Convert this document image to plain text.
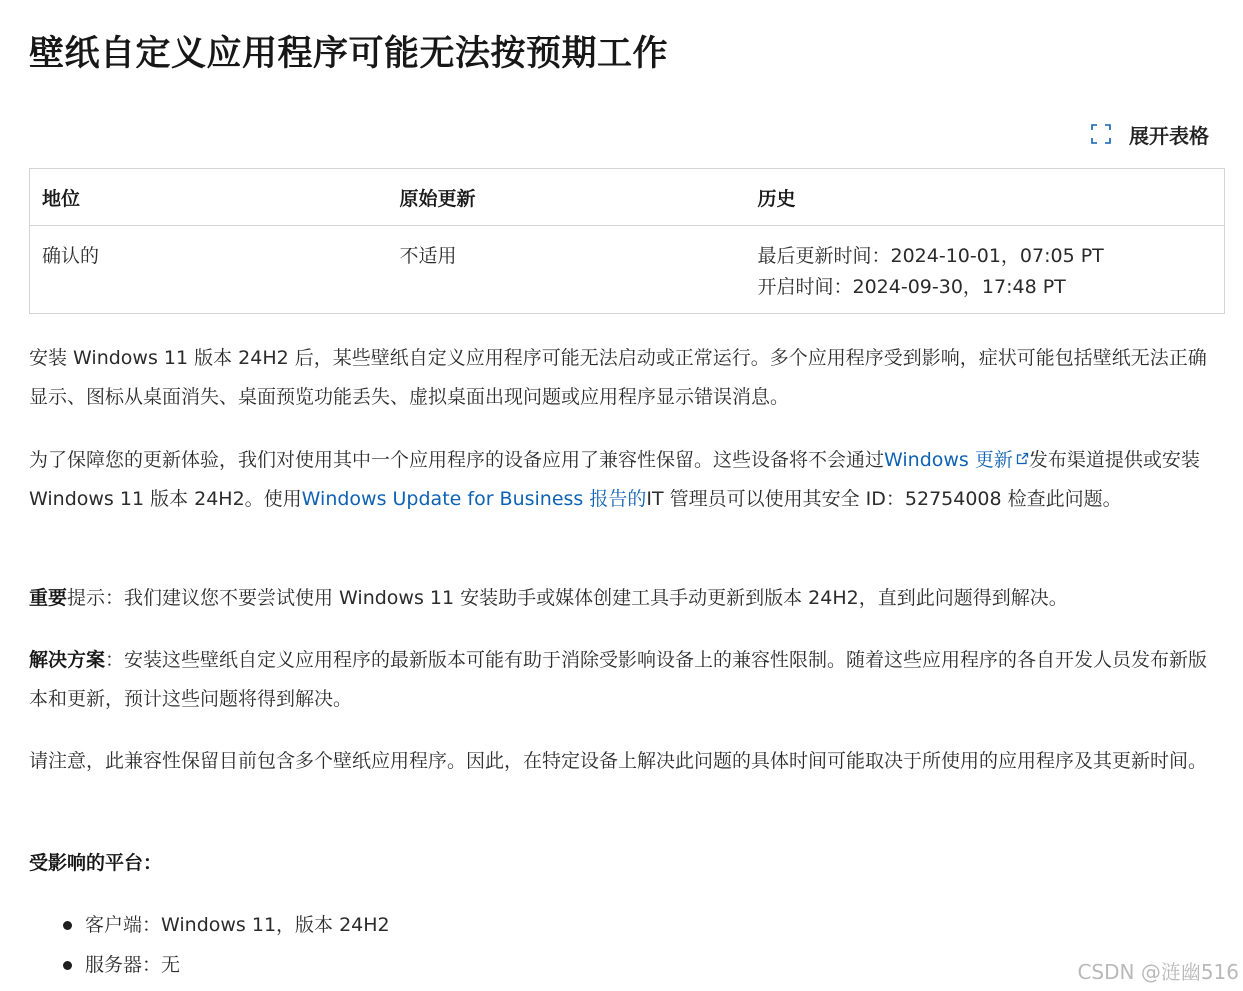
壁纸自定义应用程序可能无法按预期工作
展开表格
地位	原始更新	历史
确认的	不适用	最后更新时间：2024-10-01，07:05 PT
开启时间：2024-09-30，17:48 PT

安装 Windows 11 版本 24H2 后，某些壁纸自定义应用程序可能无法启动或正常运行。多个应用程序受到影响，症状可能包括壁纸无法正确显示、图标从桌面消失、桌面预览功能丢失、虚拟桌面出现问题或应用程序显示错误消息。

为了保障您的更新体验，我们对使用其中一个应用程序的设备应用了兼容性保留。这些设备将不会通过Windows 更新 发布渠道提供或安装 Windows 11 版本 24H2。使用Windows Update for Business 报告的IT 管理员可以使用其安全 ID：52754008 检查此问题。

重要提示：我们建议您不要尝试使用 Windows 11 安装助手或媒体创建工具手动更新到版本 24H2，直到此问题得到解决。

解决方案：安装这些壁纸自定义应用程序的最新版本可能有助于消除受影响设备上的兼容性限制。随着这些应用程序的各自开发人员发布新版本和更新，预计这些问题将得到解决。

请注意，此兼容性保留目前包含多个壁纸应用程序。因此，在特定设备上解决此问题的具体时间可能取决于所使用的应用程序及其更新时间。

受影响的平台：

客户端：Windows 11，版本 24H2
服务器：无	CSDN @涟幽516
